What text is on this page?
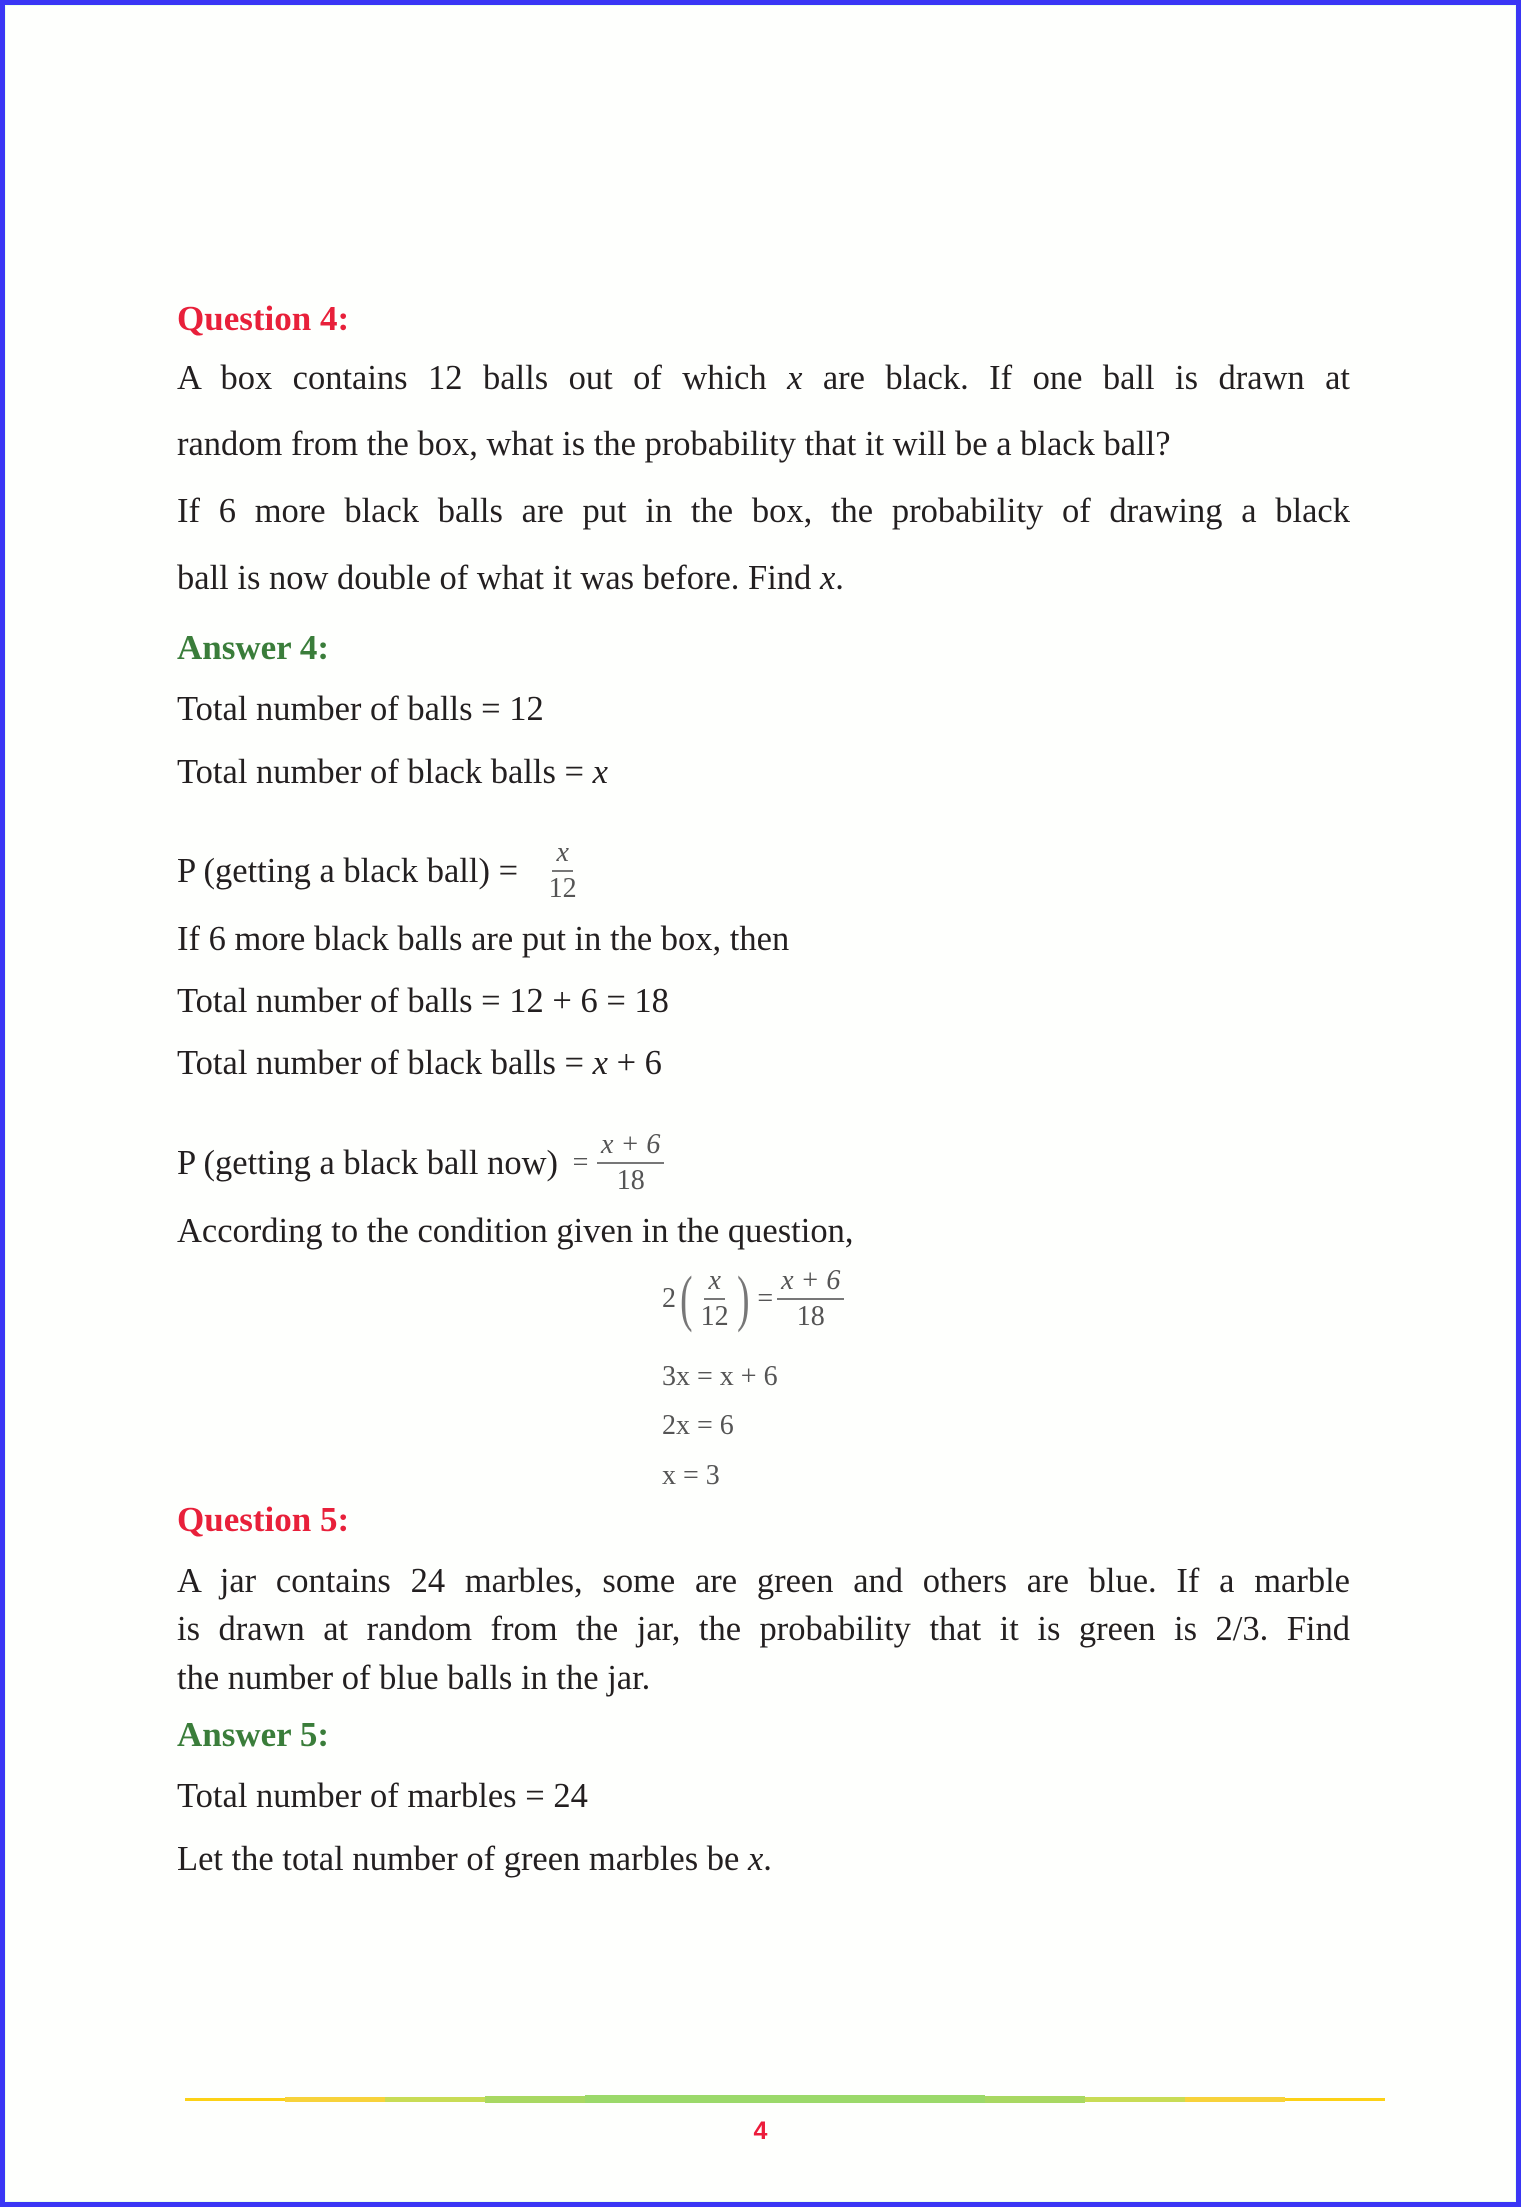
Question 4:
A box contains 12 balls out of which x are black. If one ball is drawn at
random from the box, what is the probability that it will be a black ball?
If 6 more black balls are put in the box, the probability of drawing a black
ball is now double of what it was before. Find x.
Answer 4:
Total number of balls = 12
Total number of black balls = x
P (getting a black ball) = $\frac{x}{12}$
If 6 more black balls are put in the box, then
Total number of balls = 12 + 6 = 18
Total number of black balls = x + 6
P (getting a black ball $now) = \frac{x + 6}{18}$
According to the condition given in the question,
$2( \frac{x}{12}$ ) = $\frac{x + 6}{18}$
3x = x + 6
2x = 6
x = 3
Question 5:
A jar contains 24 marbles, some are green and others are blue. If a marble
is drawn at random from the jar, the probability that it is green is 2/3. Find
the number of blue balls in the jar.
Answer 5:
Total number of marbles = 24
Let the total number of green marbles be x.
4
